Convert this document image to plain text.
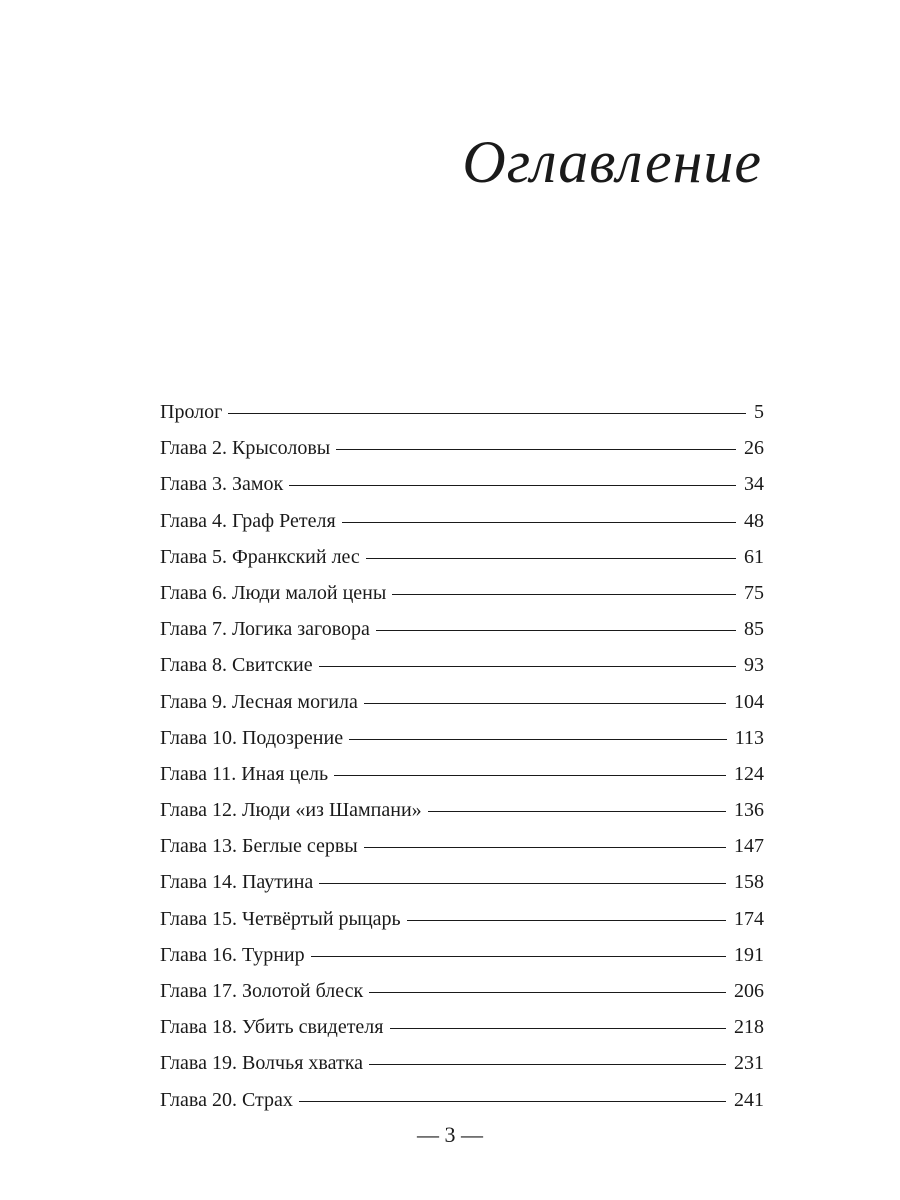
Оглавление
Пролог	5
Глава 2. Крысоловы	26
Глава 3. Замок	34
Глава 4. Граф Ретеля	48
Глава 5. Франкский лес	61
Глава 6. Люди малой цены	75
Глава 7. Логика заговора	85
Глава 8. Свитские	93
Глава 9. Лесная могила	104
Глава 10. Подозрение	113
Глава 11. Иная цель	124
Глава 12. Люди «из Шампани»	136
Глава 13. Беглые сервы	147
Глава 14. Паутина	158
Глава 15. Четвёртый рыцарь	174
Глава 16. Турнир	191
Глава 17. Золотой блеск	206
Глава 18. Убить свидетеля	218
Глава 19. Волчья хватка	231
Глава 20. Страх	241
— 3 —
